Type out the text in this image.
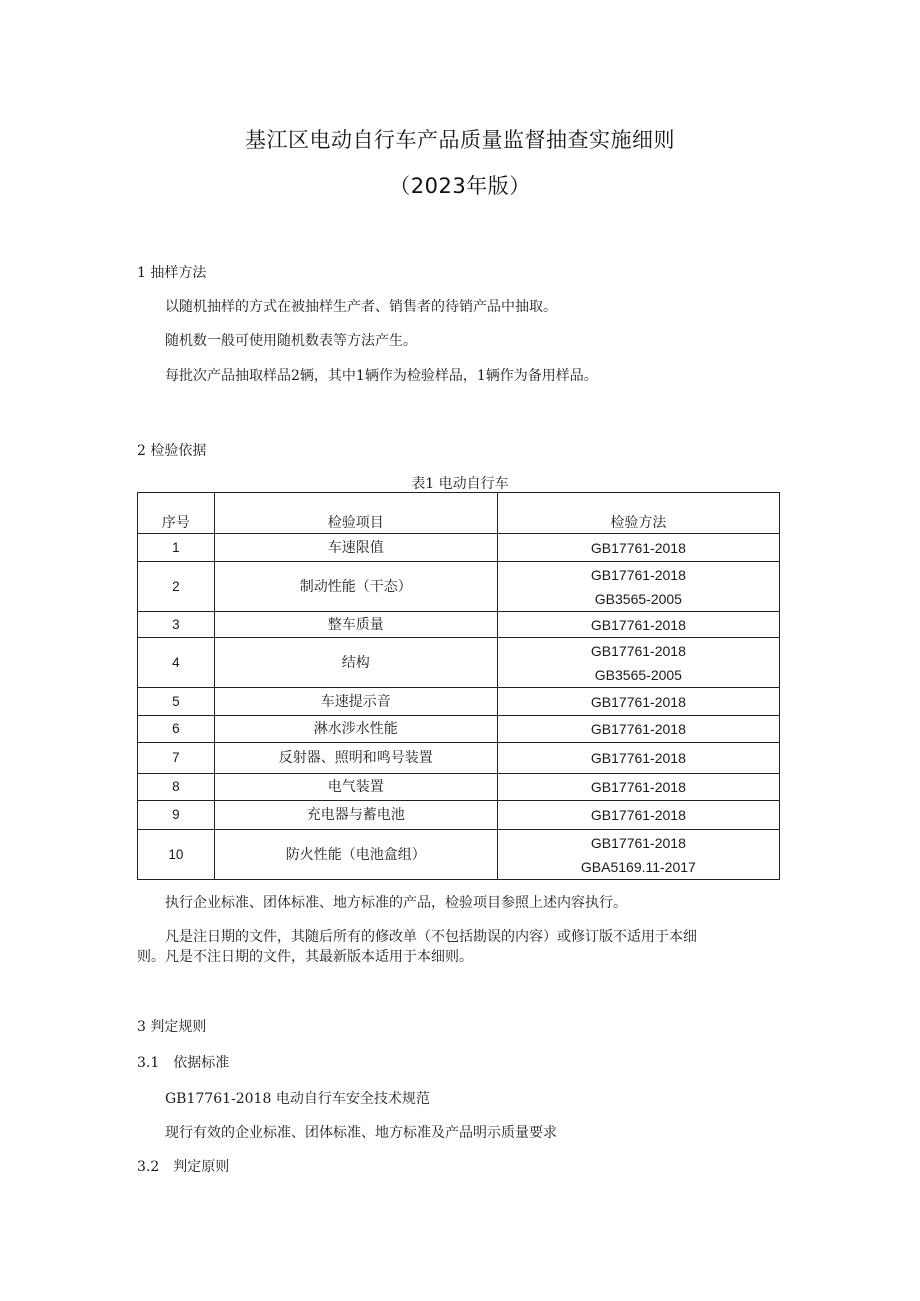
基江区电动自行车产品质量监督抽查实施细则
（2023年版）
1 抽样方法
以随机抽样的方式在被抽样生产者、销售者的待销产品中抽取。
随机数一般可使用随机数表等方法产生。
每批次产品抽取样品2辆，其中1辆作为检验样品，1辆作为备用样品。
2 检验依据
表1 电动自行车
序号	检验项目	检验方法
1	车速限值	GB17761-2018
2	制动性能（干态）	GB17761-2018
GB3565-2005

3	整车质量	GB17761-2018
4	结构	GB17761-2018
GB3565-2005

5	车速提示音	GB17761-2018
6	淋水涉水性能	GB17761-2018
7	反射器、照明和鸣号装置	GB17761-2018
8	电气装置	GB17761-2018
9	充电器与蓄电池	GB17761-2018
10	防火性能（电池盒组）	GB17761-2018
GBA5169.11-2017
执行企业标准、团体标准、地方标准的产品，检验项目参照上述内容执行。
凡是注日期的文件，其随后所有的修改单（不包括勘误的内容）或修订版不适用于本细
则。凡是不注日期的文件，其最新版本适用于本细则。
3 判定规则
3.1　依据标准
GB17761-2018 电动自行车安全技术规范
现行有效的企业标准、团体标准、地方标准及产品明示质量要求
3.2　判定原则
